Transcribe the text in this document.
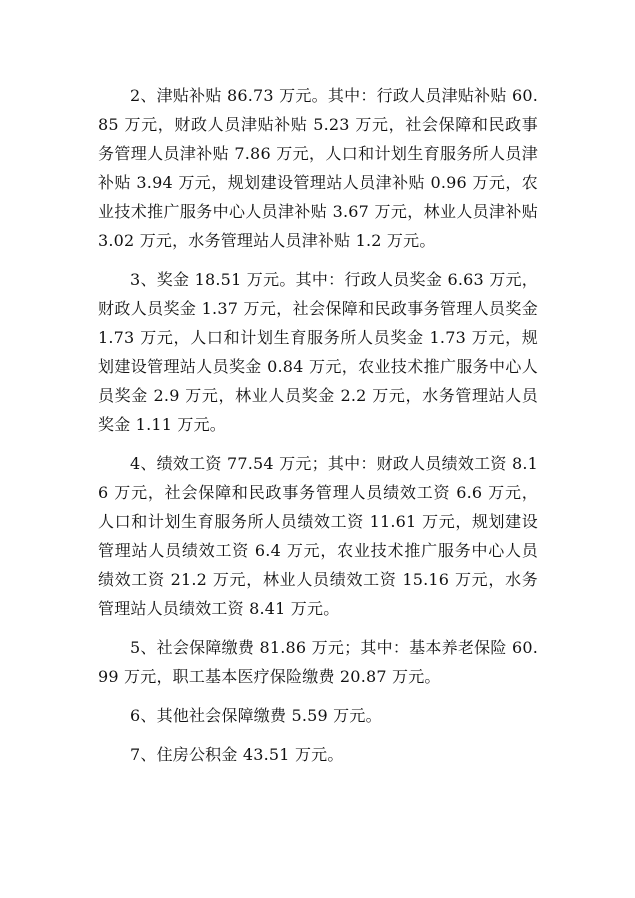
2、津贴补贴 86.73 万元。其中：行政人员津贴补贴 60.85 万元，财政人员津贴补贴 5.23 万元，社会保障和民政事务管理人员津补贴 7.86 万元，人口和计划生育服务所人员津补贴 3.94 万元，规划建设管理站人员津补贴 0.96 万元，农业技术推广服务中心人员津补贴 3.67 万元，林业人员津补贴 3.02 万元，水务管理站人员津补贴 1.2 万元。

3、奖金 18.51 万元。其中：行政人员奖金 6.63 万元，财政人员奖金 1.37 万元，社会保障和民政事务管理人员奖金 1.73 万元，人口和计划生育服务所人员奖金 1.73 万元，规划建设管理站人员奖金 0.84 万元，农业技术推广服务中心人员奖金 2.9 万元，林业人员奖金 2.2 万元，水务管理站人员奖金 1.11 万元。

4、绩效工资 77.54 万元；其中：财政人员绩效工资 8.16 万元，社会保障和民政事务管理人员绩效工资 6.6 万元，人口和计划生育服务所人员绩效工资 11.61 万元，规划建设管理站人员绩效工资 6.4 万元，农业技术推广服务中心人员绩效工资 21.2 万元，林业人员绩效工资 15.16 万元，水务管理站人员绩效工资 8.41 万元。

5、社会保障缴费 81.86 万元；其中：基本养老保险 60.99 万元，职工基本医疗保险缴费 20.87 万元。

6、其他社会保障缴费 5.59 万元。

7、住房公积金 43.51 万元。
